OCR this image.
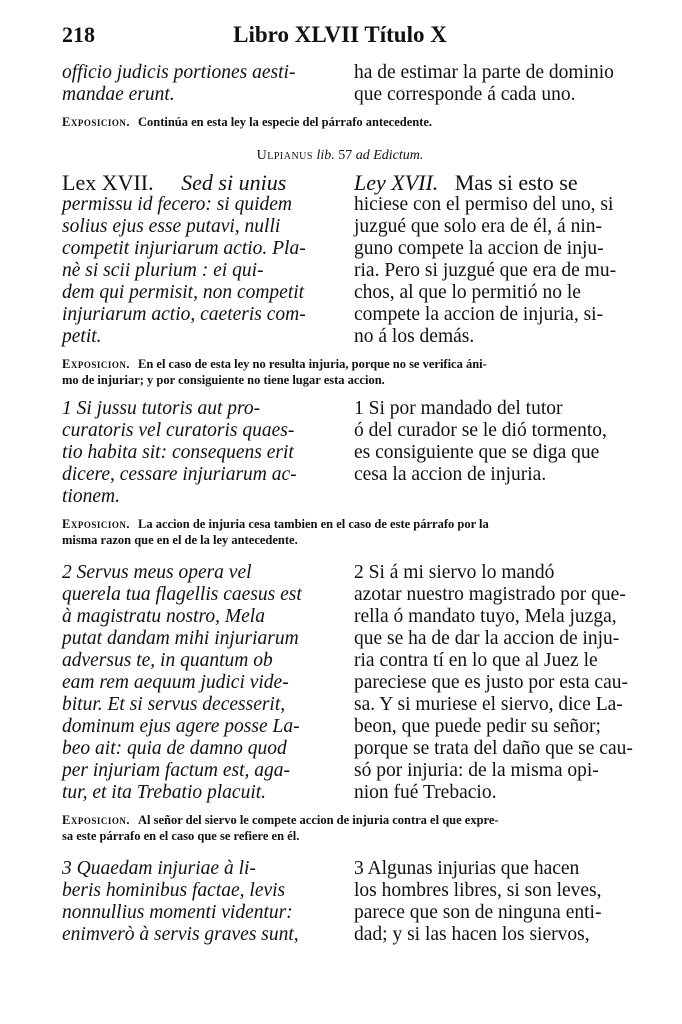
218	Libro XLVII Título X
officio judicis portiones aesti-
mandae erunt.
ha de estimar la parte de dominio
que corresponde á cada uno.
Exposicion. Continúa en esta ley la especie del párrafo antecedente.
Ulpianus lib. 57 ad Edictum.
Lex XVII. Sed si unius
permissu id fecero: si quidem
solius ejus esse putavi, nulli
competit injuriarum actio. Pla-
nè si scii plurium : ei qui-
dem qui permisit, non competit
injuriarum actio, caeteris com-
petit.
Ley XVII. Mas si esto se
hiciese con el permiso del uno, si
juzgué que solo era de él, á nin-
guno compete la accion de inju-
ria. Pero si juzgué que era de mu-
chos, al que lo permitió no le
compete la accion de injuria, si-
no á los demás.
Exposicion. En el caso de esta ley no resulta injuria, porque no se verifica áni-
mo de injuriar; y por consiguiente no tiene lugar esta accion.
1 Si jussu tutoris aut pro-
curatoris vel curatoris quaes-
tio habita sit: consequens erit
dicere, cessare injuriarum ac-
tionem.
1 Si por mandado del tutor
ó del curador se le dió tormento,
es consiguiente que se diga que
cesa la accion de injuria.
Exposicion. La accion de injuria cesa tambien en el caso de este párrafo por la
misma razon que en el de la ley antecedente.
2 Servus meus opera vel
querela tua flagellis caesus est
à magistratu nostro, Mela
putat dandam mihi injuriarum
adversus te, in quantum ob
eam rem aequum judici vide-
bitur. Et si servus decesserit,
dominum ejus agere posse La-
beo ait: quia de damno quod
per injuriam factum est, aga-
tur, et ita Trebatio placuit.
2 Si á mi siervo lo mandó
azotar nuestro magistrado por que-
rella ó mandato tuyo, Mela juzga,
que se ha de dar la accion de inju-
ria contra tí en lo que al Juez le
pareciese que es justo por esta cau-
sa. Y si muriese el siervo, dice La-
beon, que puede pedir su señor;
porque se trata del daño que se cau-
só por injuria: de la misma opi-
nion fué Trebacio.
Exposicion. Al señor del siervo le compete accion de injuria contra el que expre-
sa este párrafo en el caso que se refiere en él.
3 Quaedam injuriae à li-
beris hominibus factae, levis
nonnullius momenti videntur:
enimverò à servis graves sunt,
3 Algunas injurias que hacen
los hombres libres, si son leves,
parece que son de ninguna enti-
dad; y si las hacen los siervos,
